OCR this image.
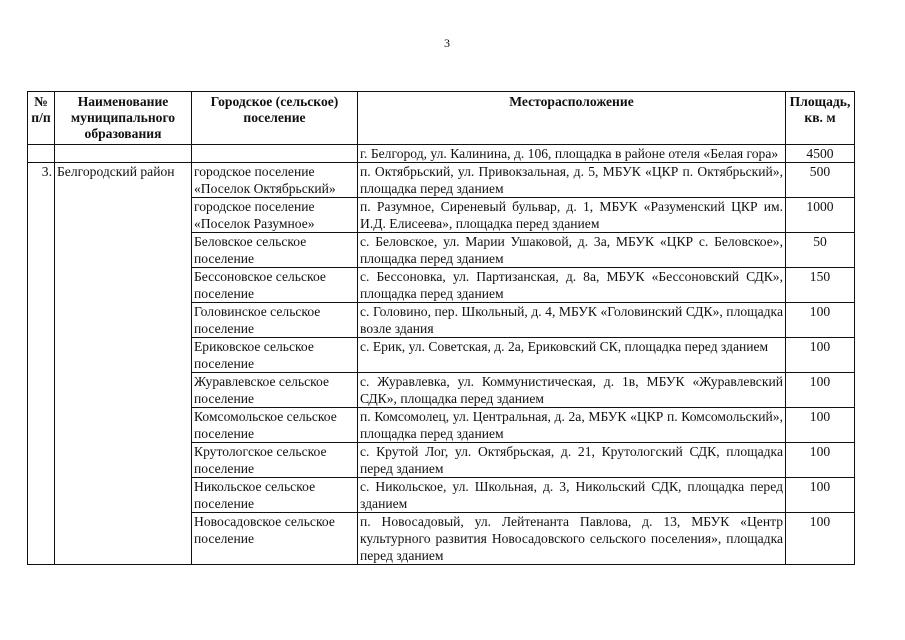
3
№ п/п	Наименование муниципального образования	Городское (сельское) поселение	Месторасположение	Площадь, кв. м
			г. Белгород, ул. Калинина, д. 106, площадка в районе отеля «Белая гора»	4500
3.	Белгородский район	городское поселение «Поселок Октябрьский»	п. Октябрьский, ул. Привокзальная, д. 5, МБУК «ЦКР п. Октябрьский», площадка перед зданием	500
		городское поселение «Поселок Разумное»	п. Разумное, Сиреневый бульвар, д. 1, МБУК «Разуменский ЦКР им. И.Д. Елисеева», площадка перед зданием	1000
		Беловское сельское поселение	с. Беловское, ул. Марии Ушаковой, д. 3а, МБУК «ЦКР с. Беловское», площадка перед зданием	50
		Бессоновское сельское поселение	с. Бессоновка, ул. Партизанская, д. 8а, МБУК «Бессоновский СДК», площадка перед зданием	150
		Головинское сельское поселение	с. Головино, пер. Школьный, д. 4, МБУК «Головинский СДК», площадка возле здания	100
		Ериковское сельское поселение	с. Ерик, ул. Советская, д. 2а, Ериковский СК, площадка перед зданием	100
		Журавлевское сельское поселение	с. Журавлевка, ул. Коммунистическая, д. 1в, МБУК «Журавлевский СДК», площадка перед зданием	100
		Комсомольское сельское поселение	п. Комсомолец, ул. Центральная, д. 2а, МБУК «ЦКР п. Комсомольский», площадка перед зданием	100
		Крутологское сельское поселение	с. Крутой Лог, ул. Октябрьская, д. 21, Крутологский СДК, площадка перед зданием	100
		Никольское сельское поселение	с. Никольское, ул. Школьная, д. 3, Никольский СДК, площадка перед зданием	100
		Новосадовское сельское поселение	п. Новосадовый, ул. Лейтенанта Павлова, д. 13, МБУК «Центр культурного развития Новосадовского сельского поселения», площадка перед зданием	100
